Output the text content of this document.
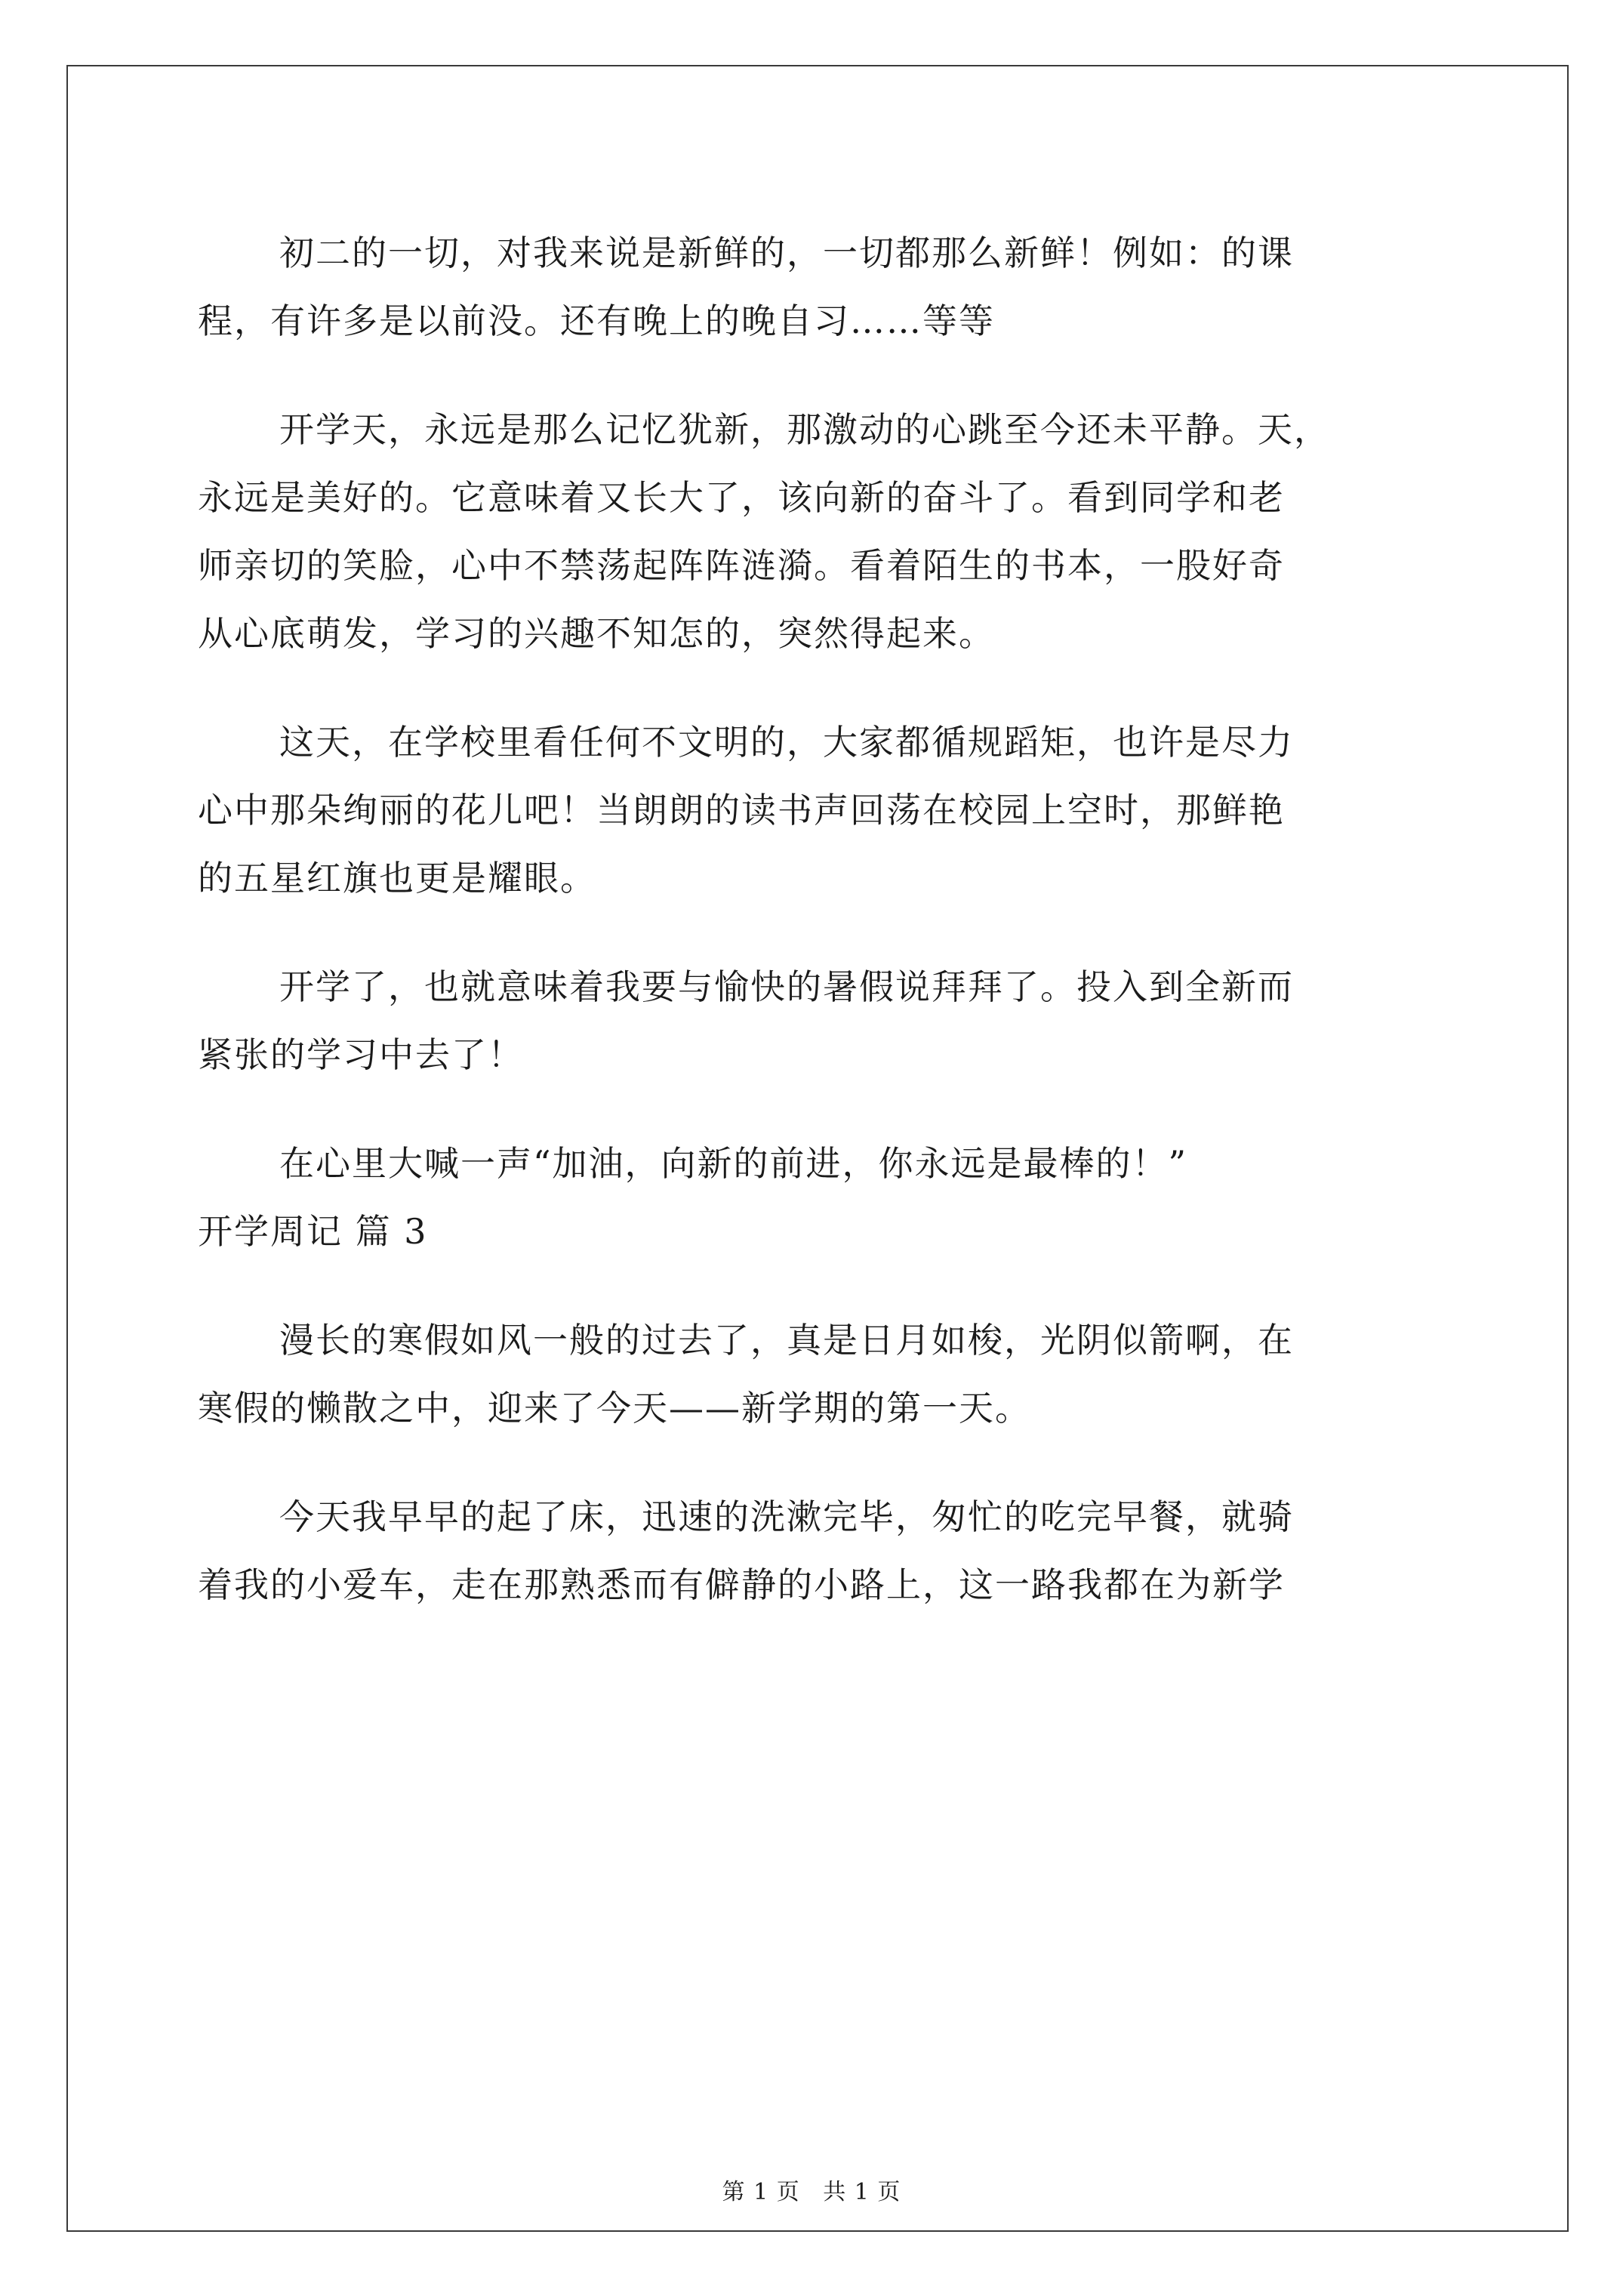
初二的一切，对我来说是新鲜的，一切都那么新鲜！例如：的课
程，有许多是以前没。还有晚上的晚自习……等等

开学天，永远是那么记忆犹新，那激动的心跳至今还未平静。天，
永远是美好的。它意味着又长大了，该向新的奋斗了。看到同学和老
师亲切的笑脸，心中不禁荡起阵阵涟漪。看着陌生的书本，一股好奇
从心底萌发，学习的兴趣不知怎的，突然得起来。

这天，在学校里看任何不文明的，大家都循规蹈矩，也许是尽力
心中那朵绚丽的花儿吧！当朗朗的读书声回荡在校园上空时，那鲜艳
的五星红旗也更是耀眼。

开学了，也就意味着我要与愉快的暑假说拜拜了。投入到全新而
紧张的学习中去了！

在心里大喊一声“加油，向新的前进，你永远是最棒的！”

开学周记 篇 3

漫长的寒假如风一般的过去了，真是日月如梭，光阴似箭啊，在
寒假的懒散之中，迎来了今天——新学期的第一天。

今天我早早的起了床，迅速的洗漱完毕，匆忙的吃完早餐，就骑
着我的小爱车，走在那熟悉而有僻静的小路上，这一路我都在为新学

第 1 页 共 1 页
